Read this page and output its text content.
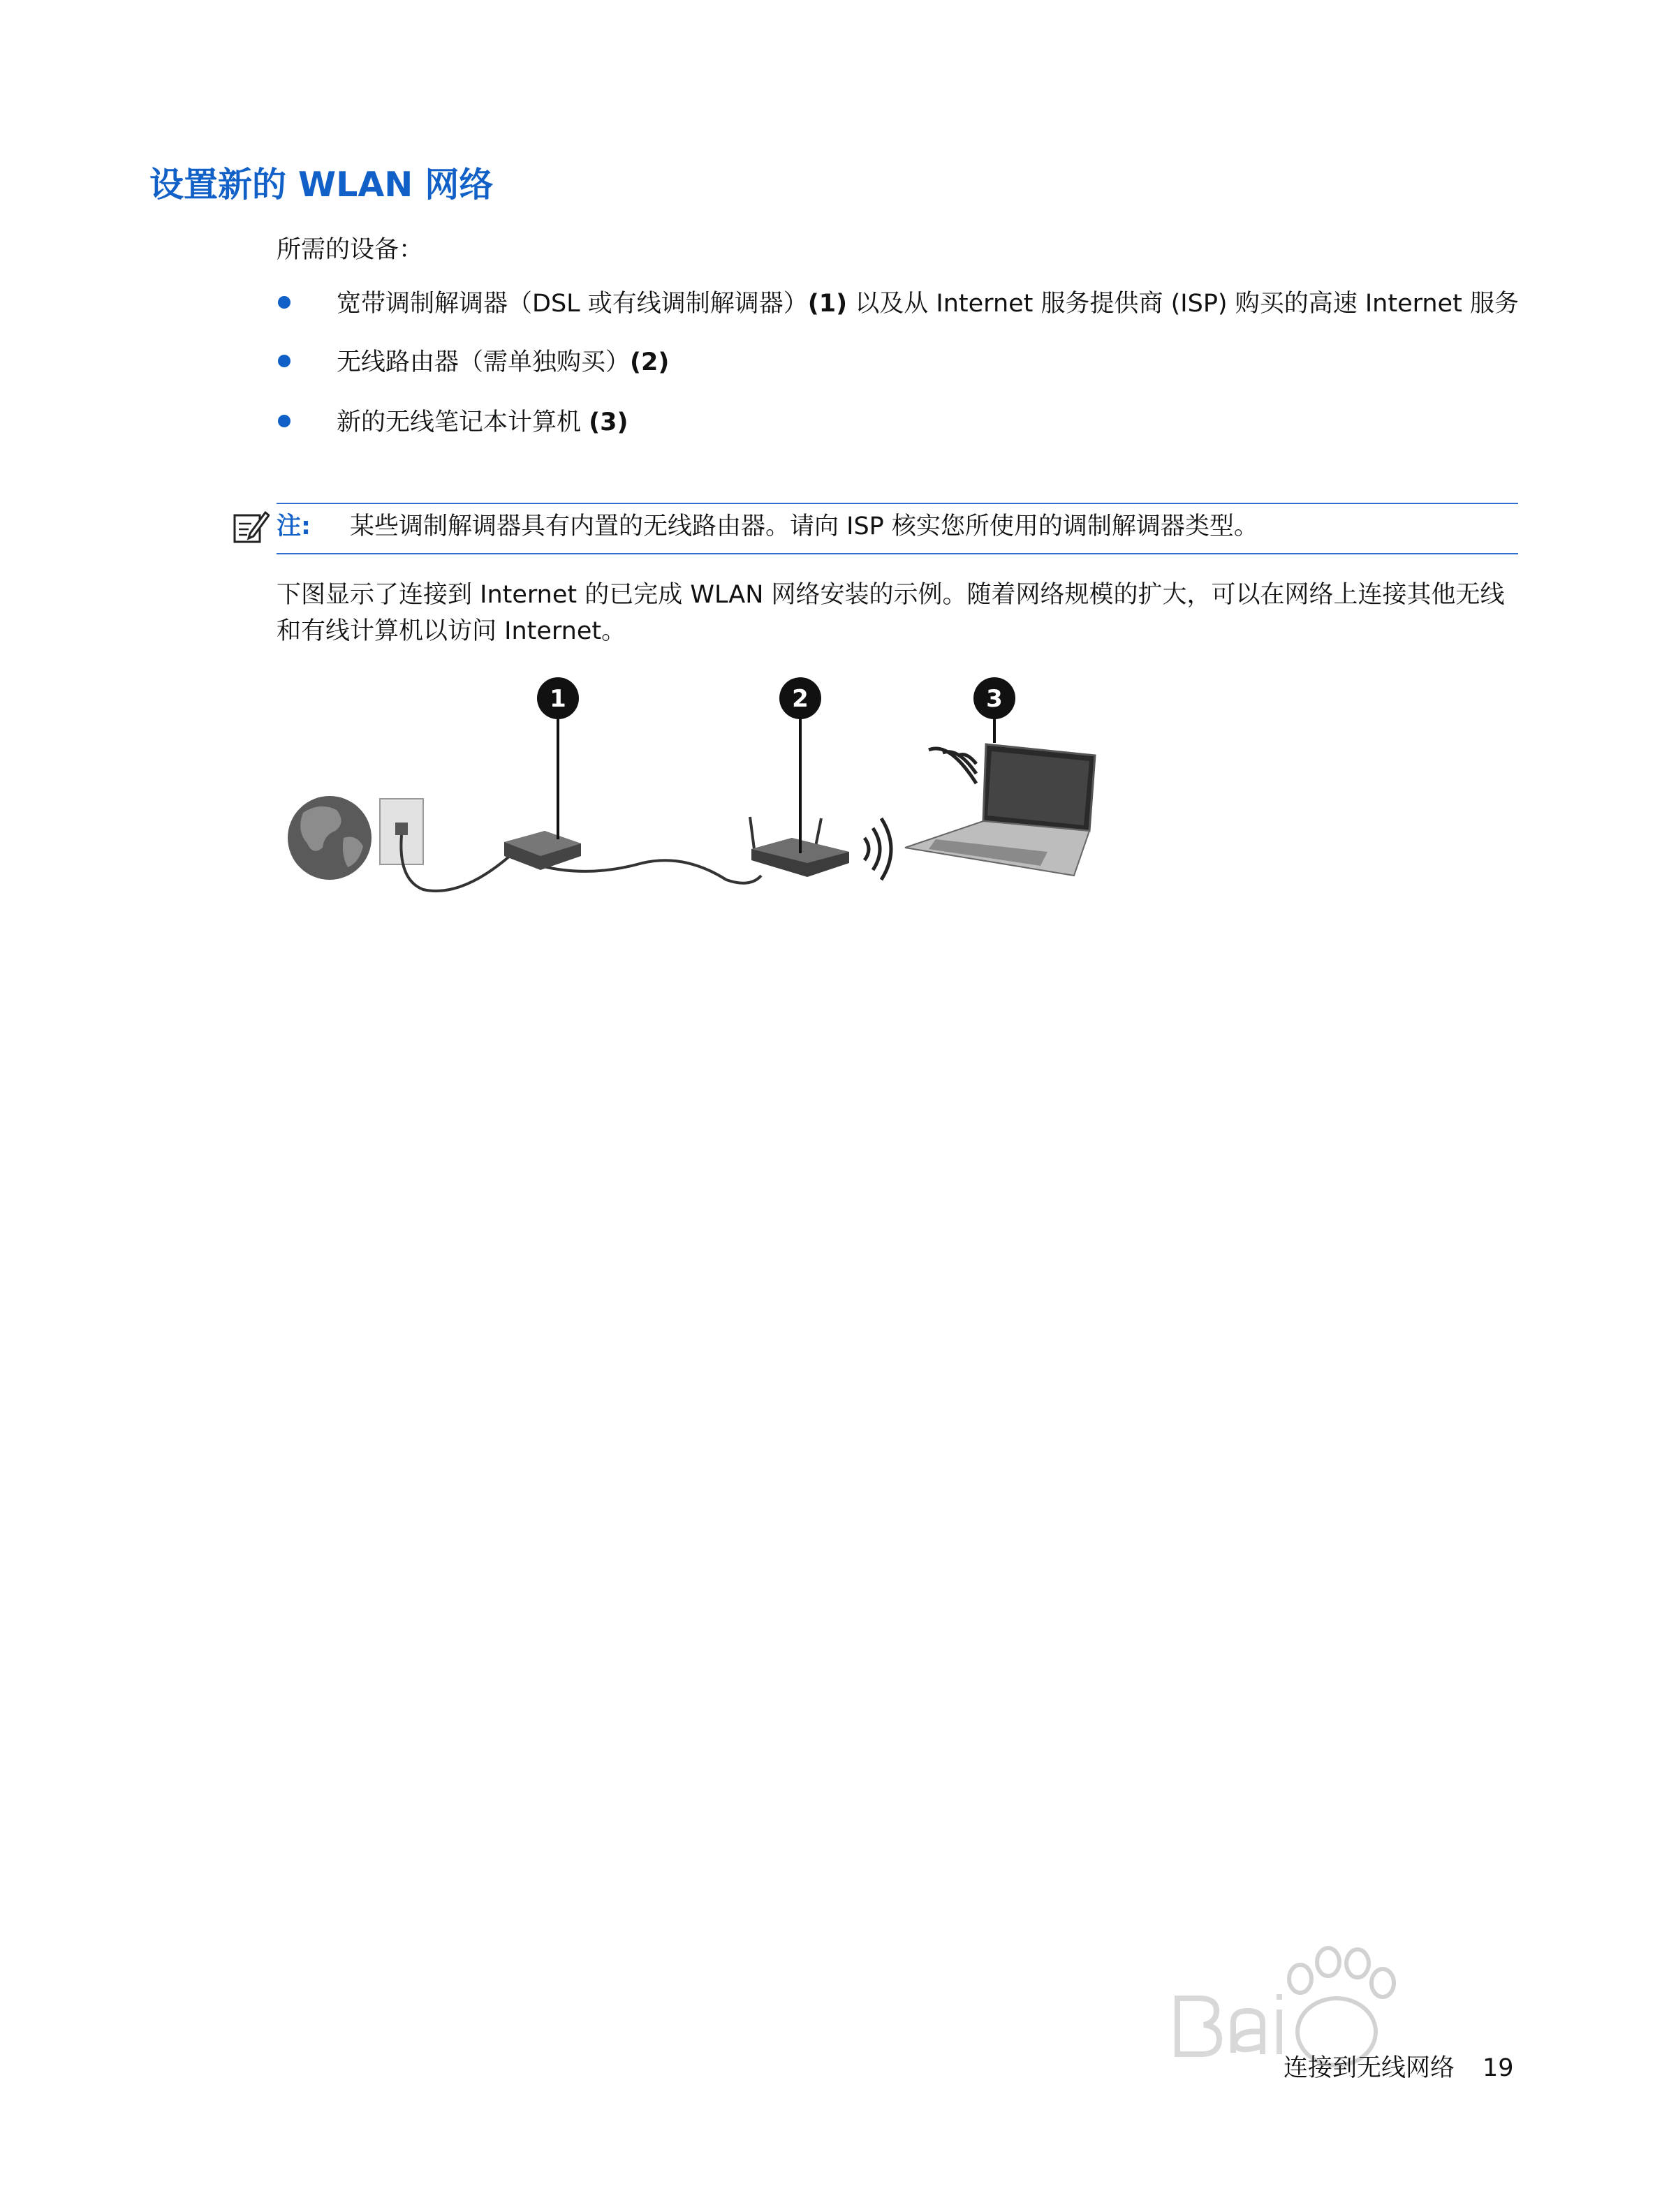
设置新的 WLAN 网络
所需的设备：
宽带调制解调器（DSL 或有线调制解调器）(1) 以及从 Internet 服务提供商 (ISP) 购买的高速 Internet 服务
无线路由器（需单独购买）(2)
新的无线笔记本计算机 (3)
注: 某些调制解调器具有内置的无线路由器。请向 ISP 核实您所使用的调制解调器类型。

下图显示了连接到 Internet 的已完成 WLAN 网络安装的示例。随着网络规模的扩大，可以在网络上连接其他无线和有线计算机以访问 Internet。

1	2	3
连接到无线网络 19
